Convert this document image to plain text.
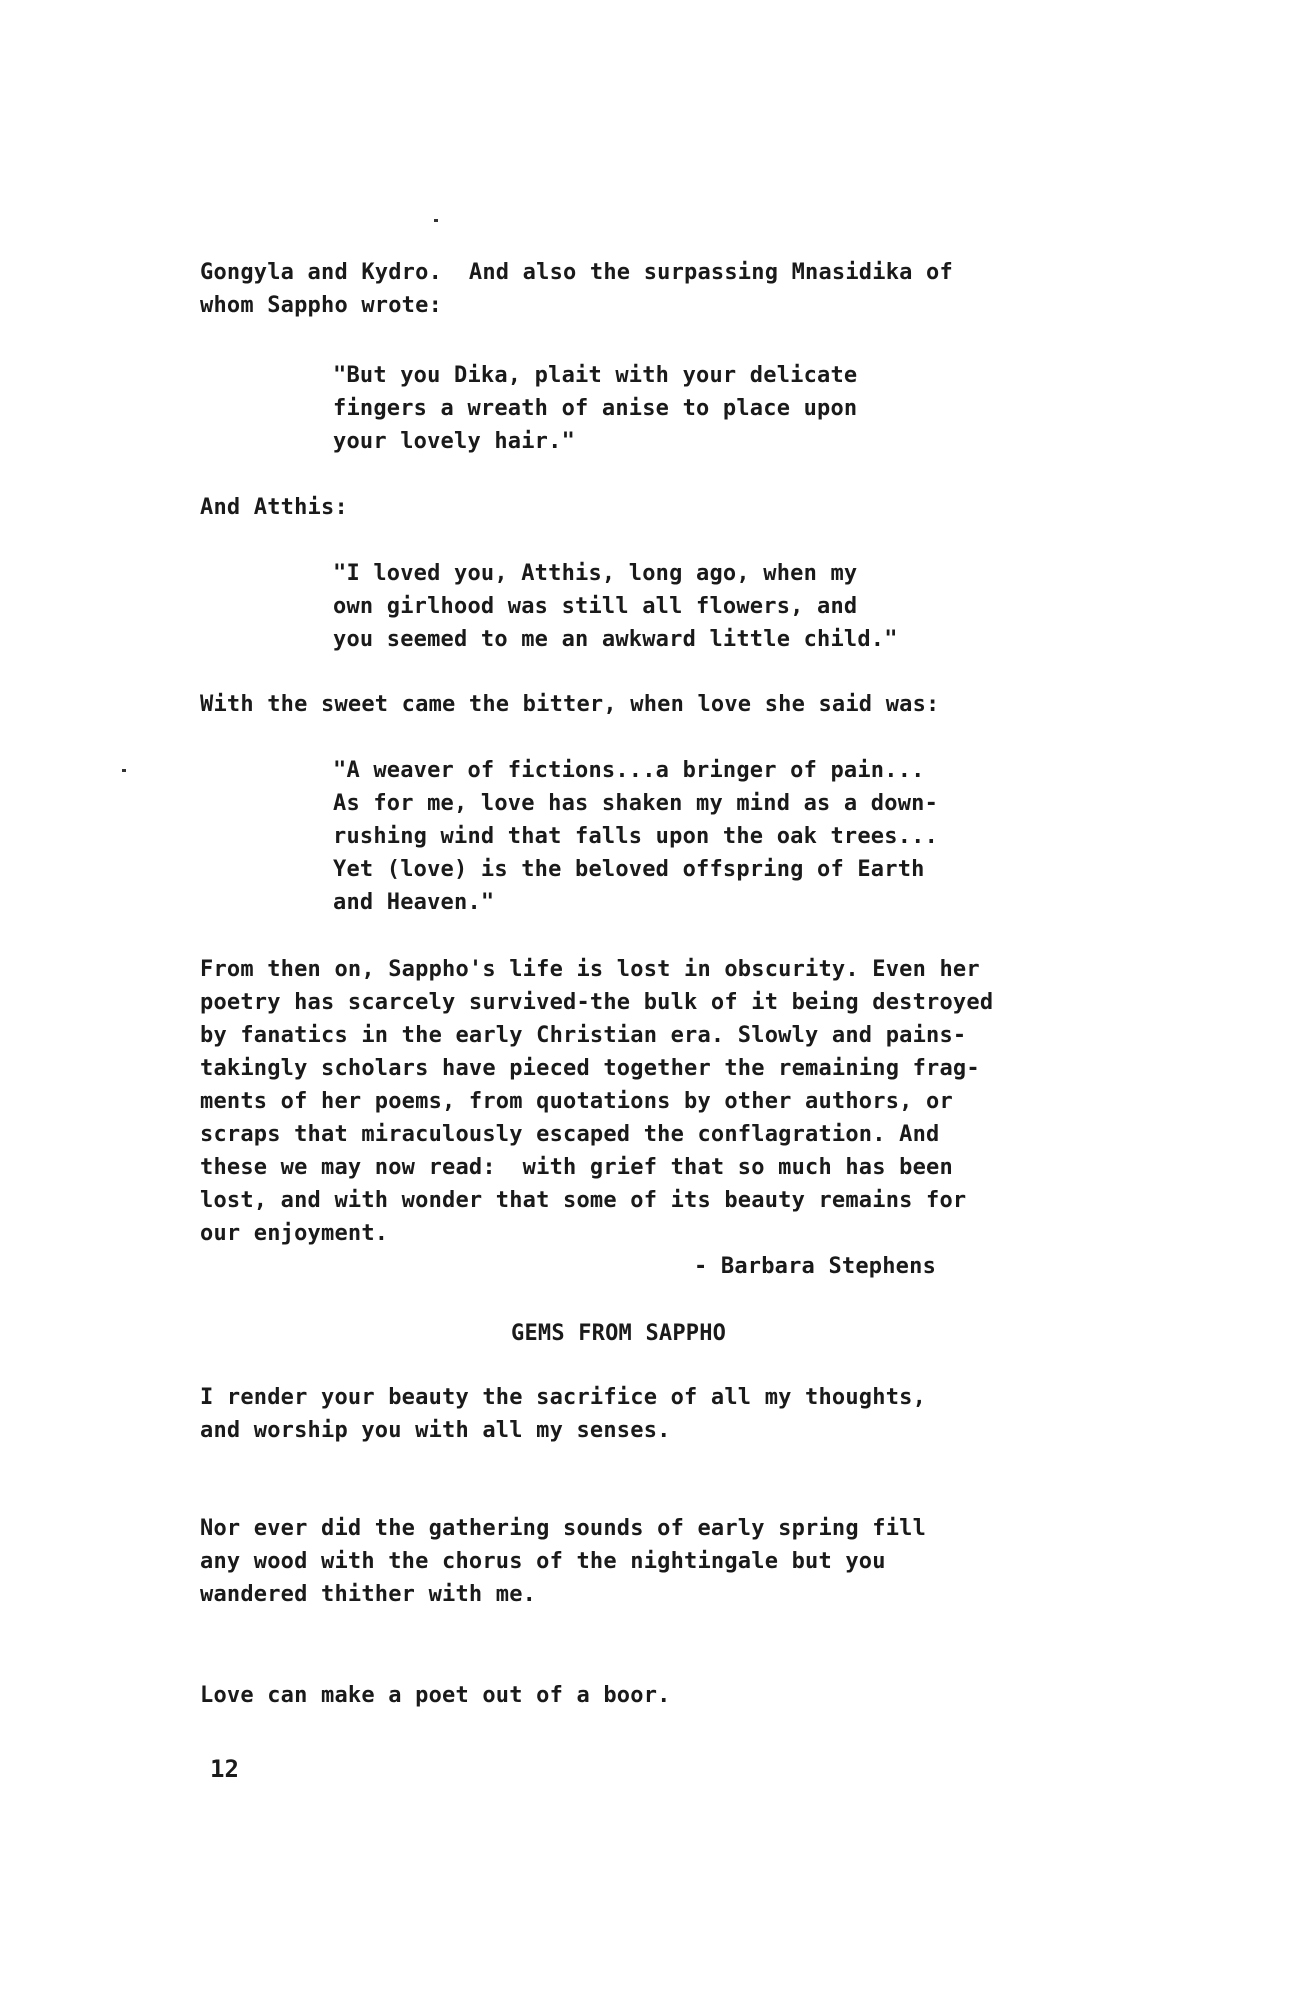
Gongyla and Kydro.  And also the surpassing Mnasidika of

whom Sappho wrote:

"But you Dika, plait with your delicate

fingers a wreath of anise to place upon

your lovely hair."

And Atthis:

"I loved you, Atthis, long ago, when my

own girlhood was still all flowers, and

you seemed to me an awkward little child."

With the sweet came the bitter, when love she said was:

"A weaver of fictions...a bringer of pain...

As for me, love has shaken my mind as a down-

rushing wind that falls upon the oak trees...

Yet (love) is the beloved offspring of Earth

and Heaven."

From then on, Sappho's life is lost in obscurity. Even her

poetry has scarcely survived-the bulk of it being destroyed

by fanatics in the early Christian era. Slowly and pains-

takingly scholars have pieced together the remaining frag-

ments of her poems, from quotations by other authors, or

scraps that miraculously escaped the conflagration. And

these we may now read:  with grief that so much has been

lost, and with wonder that some of its beauty remains for

our enjoyment.

- Barbara Stephens

GEMS FROM SAPPHO

I render your beauty the sacrifice of all my thoughts,

and worship you with all my senses.

Nor ever did the gathering sounds of early spring fill

any wood with the chorus of the nightingale but you

wandered thither with me.

Love can make a poet out of a boor.

12
